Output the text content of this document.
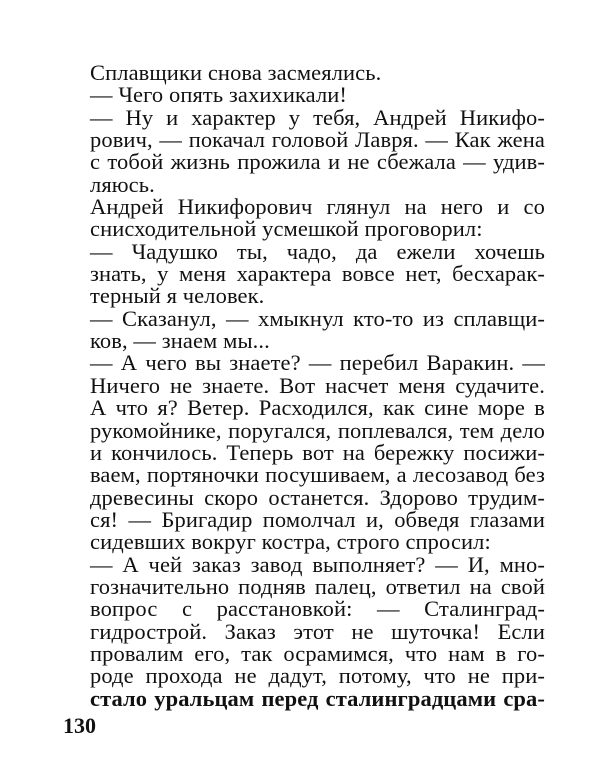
Сплавщики снова засмеялись.
— Чего опять захихикали!
— Ну и характер у тебя, Андрей Никифо-
рович, — покачал головой Лавря. — Как жена
с тобой жизнь прожила и не сбежала — удив-
ляюсь.
Андрей Никифорович глянул на него и со
снисходительной усмешкой проговорил:
— Чадушко ты, чадо, да ежели хочешь
знать, у меня характера вовсе нет, бесхарак-
терный я человек.
— Сказанул, — хмыкнул кто-то из сплавщи-
ков, — знаем мы...
— А чего вы знаете? — перебил Варакин. —
Ничего не знаете. Вот насчет меня судачите.
А что я? Ветер. Расходился, как сине море в
рукомойнике, поругался, поплевался, тем дело
и кончилось. Теперь вот на бережку посижи-
ваем, портяночки посушиваем, а лесозавод без
древесины скоро останется. Здорово трудим-
ся! — Бригадир помолчал и, обведя глазами
сидевших вокруг костра, строго спросил:
— А чей заказ завод выполняет? — И, мно-
гозначительно подняв палец, ответил на свой
вопрос с расстановкой: — Сталинград-
гидрострой. Заказ этот не шуточка! Если
провалим его, так осрамимся, что нам в го-
роде прохода не дадут, потому, что не при-
стало уральцам перед сталинградцами сра-
130
